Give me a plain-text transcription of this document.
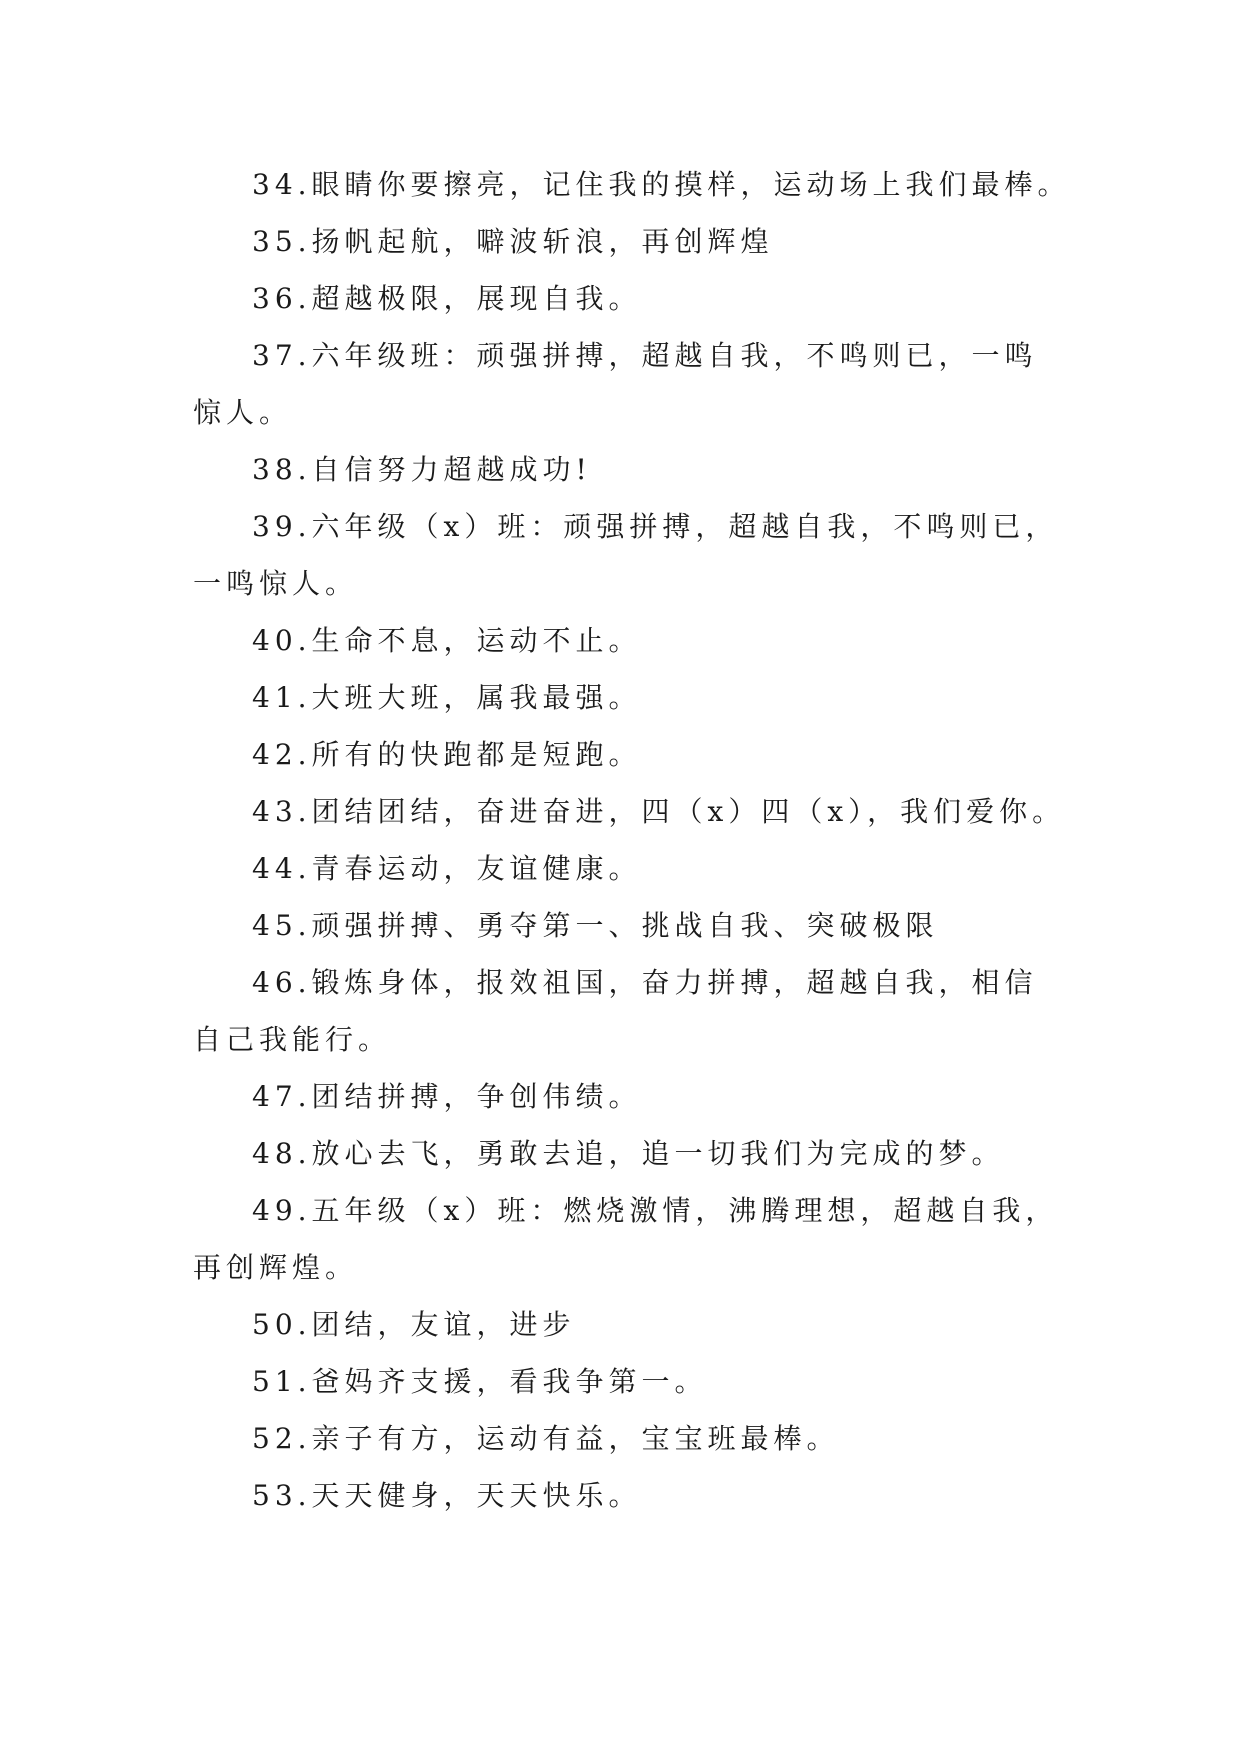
34.眼睛你要擦亮，记住我的摸样，运动场上我们最棒。
35.扬帆起航，噼波斩浪，再创辉煌
36.超越极限，展现自我。
37.六年级班：顽强拼搏，超越自我，不鸣则已，一鸣
惊人。
38.自信努力超越成功!
39.六年级（x）班：顽强拼搏，超越自我，不鸣则已，
一鸣惊人。
40.生命不息，运动不止。
41.大班大班，属我最强。
42.所有的快跑都是短跑。
43.团结团结，奋进奋进，四（x）四（x），我们爱你。
44.青春运动，友谊健康。
45.顽强拼搏、勇夺第一、挑战自我、突破极限
46.锻炼身体，报效祖国，奋力拼搏，超越自我，相信
自己我能行。
47.团结拼搏，争创伟绩。
48.放心去飞，勇敢去追，追一切我们为完成的梦。
49.五年级（x）班：燃烧激情，沸腾理想，超越自我，
再创辉煌。
50.团结，友谊，进步
51.爸妈齐支援，看我争第一。
52.亲子有方，运动有益，宝宝班最棒。
53.天天健身，天天快乐。
